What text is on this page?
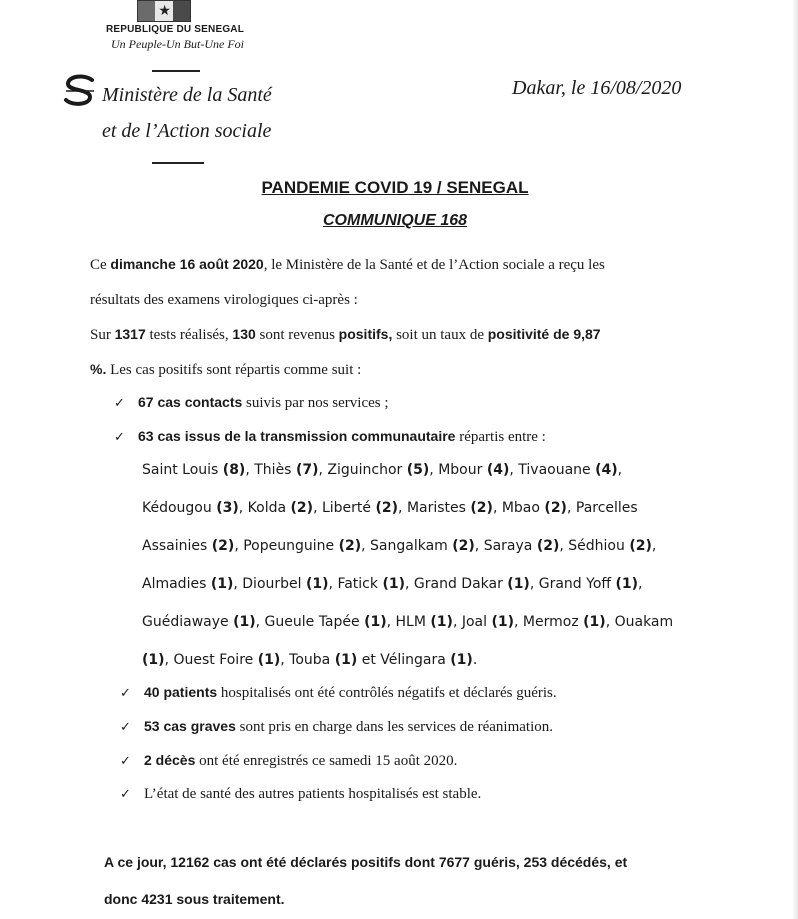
★
REPUBLIQUE DU SENEGAL
Un Peuple-Un But-Une Foi
Ministère de la Santé
et de l’Action sociale
Dakar, le 16/08/2020
PANDEMIE COVID 19 / SENEGAL
COMMUNIQUE 168
Ce dimanche 16 août 2020, le Ministère de la Santé et de l’Action sociale a reçu les
résultats des examens virologiques ci-après :
Sur 1317 tests réalisés, 130 sont revenus positifs, soit un taux de positivité de 9,87
%. Les cas positifs sont répartis comme suit :
✓ 67 cas contacts suivis par nos services ;
✓ 63 cas issus de la transmission communautaire répartis entre :
Saint Louis (8), Thiès (7), Ziguinchor (5), Mbour (4), Tivaouane (4),
Kédougou (3), Kolda (2), Liberté (2), Maristes (2), Mbao (2), Parcelles
Assainies (2), Popeunguine (2), Sangalkam (2), Saraya (2), Sédhiou (2),
Almadies (1), Diourbel (1), Fatick (1), Grand Dakar (1), Grand Yoff (1),
Guédiawaye (1), Gueule Tapée (1), HLM (1), Joal (1), Mermoz (1), Ouakam
(1), Ouest Foire (1), Touba (1) et Vélingara (1).
✓ 40 patients hospitalisés ont été contrôlés négatifs et déclarés guéris.
✓ 53 cas graves sont pris en charge dans les services de réanimation.
✓ 2 décès ont été enregistrés ce samedi 15 août 2020.
✓ L’état de santé des autres patients hospitalisés est stable.
A ce jour, 12162 cas ont été déclarés positifs dont 7677 guéris, 253 décédés, et
donc 4231 sous traitement.
